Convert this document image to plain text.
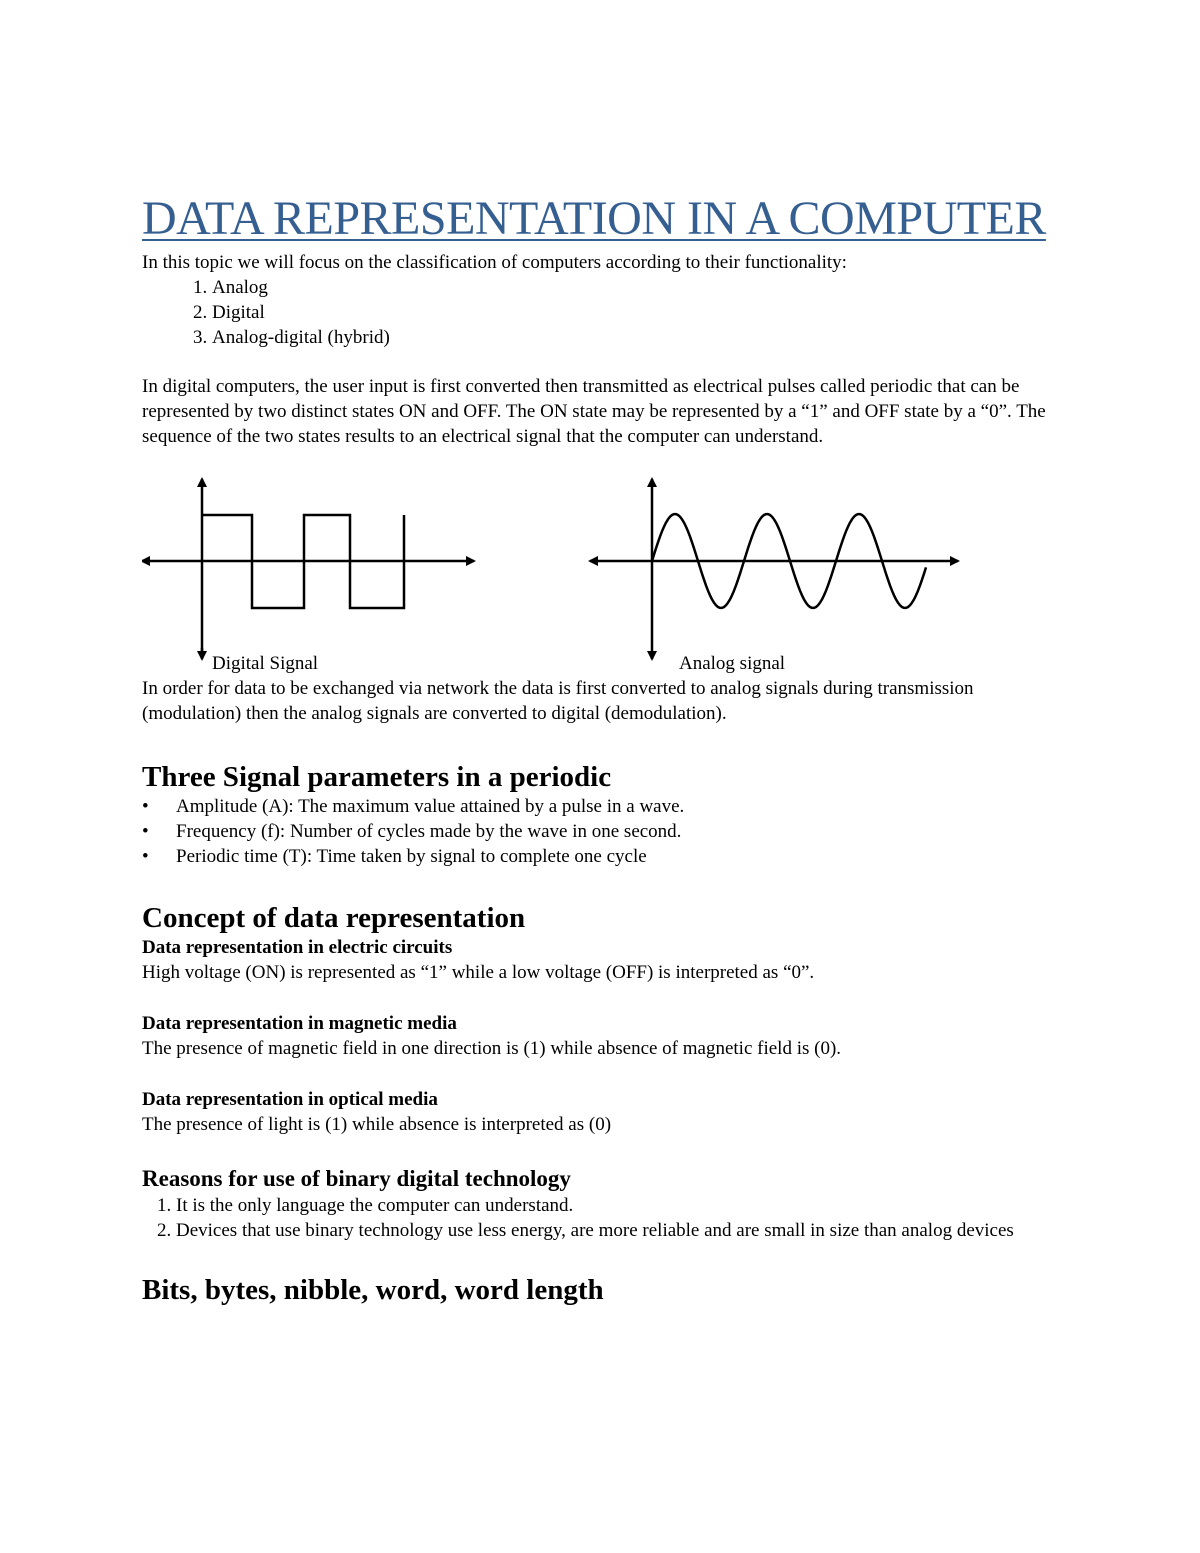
DATA REPRESENTATION IN A COMPUTER

In this topic we will focus on the classification of computers according to their functionality:

1. Analog
2. Digital
3. Analog-digital (hybrid)

In digital computers, the user input is first converted then transmitted as electrical pulses called periodic that can be represented by two distinct states ON and OFF. The ON state may be represented by a “1” and OFF state by a “0”. The sequence of the two states results to an electrical signal that the computer can understand.

Digital Signal	Analog signal

In order for data to be exchanged via network the data is first converted to analog signals during transmission (modulation) then the analog signals are converted to digital (demodulation).

Three Signal parameters in a periodic
• Amplitude (A): The maximum value attained by a pulse in a wave.
• Frequency (f): Number of cycles made by the wave in one second.
• Periodic time (T): Time taken by signal to complete one cycle
Concept of data representation
Data representation in electric circuits

High voltage (ON) is represented as “1” while a low voltage (OFF) is interpreted as “0”.

Data representation in magnetic media

The presence of magnetic field in one direction is (1) while absence of magnetic field is (0).

Data representation in optical media

The presence of light is (1) while absence is interpreted as (0)

Reasons for use of binary digital technology
1. It is the only language the computer can understand.
2. Devices that use binary technology use less energy, are more reliable and are small in size than analog devices
Bits, bytes, nibble, word, word length
